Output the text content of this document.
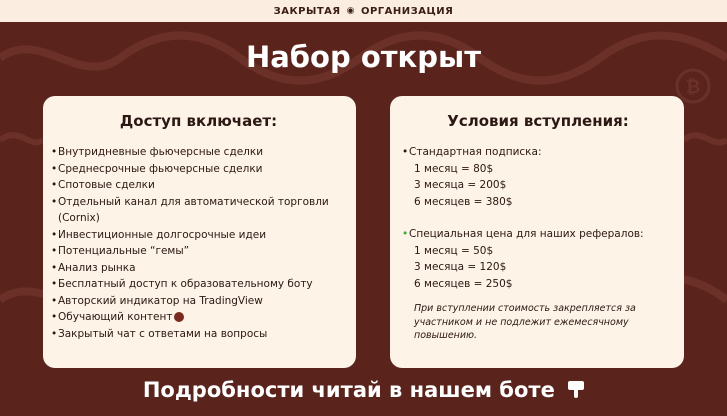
₿
ЗАКРЫТАЯ ◉ ОРГАНИЗАЦИЯ
Набор открыт
Доступ включает:
• Внутридневные фьючерсные сделки
• Среднесрочные фьючерсные сделки
• Спотовые сделки
• Отдельный канал для автоматической торговли
(Cornix)
• Инвестиционные долгосрочные идеи
• Потенциальные “гемы”
• Анализ рынка
• Бесплатный доступ к образовательному боту
• Авторский индикатор на TradingView
• Обучающий контент
• Закрытый чат с ответами на вопросы
Условия вступления:
• Стандартная подписка:
1 месяц = 80$
3 месяца = 200$
6 месяцев = 380$
• Специальная цена для наших рефералов:
1 месяц = 50$
3 месяца = 120$
6 месяцев = 250$
При вступлении стоимость закрепляется за участником и не подлежит ежемесячному повышению.
Подробности читай в нашем боте
